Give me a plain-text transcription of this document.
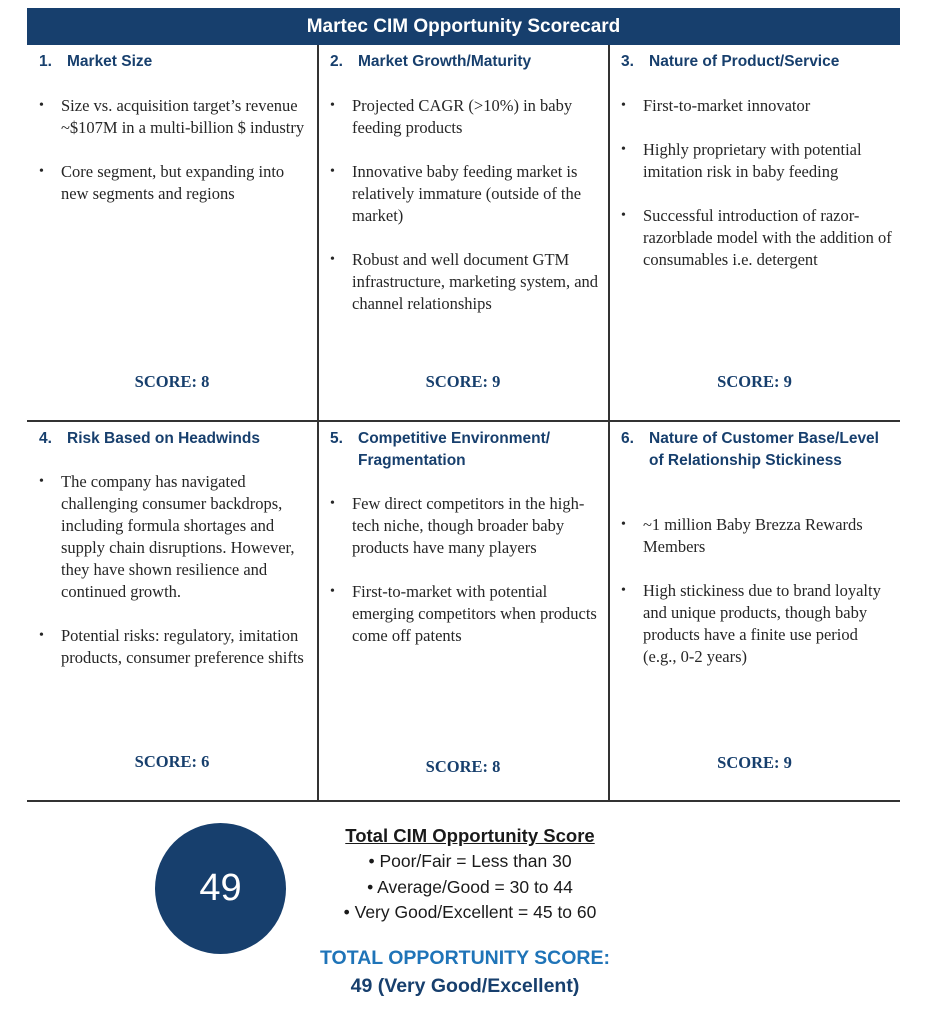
Martec CIM Opportunity Scorecard
1. Market Size
•	Size vs. acquisition target’s revenue ~$107M in a multi-billion $ industry
•	Core segment, but expanding into new segments and regions
SCORE: 8
2. Market Growth/Maturity
•	Projected CAGR (>10%) in baby feeding products
•	Innovative baby feeding market is relatively immature (outside of the market)
•	Robust and well document GTM infrastructure, marketing system, and channel relationships
SCORE: 9
3. Nature of Product/Service
•	First-to-market innovator
•	Highly proprietary with potential imitation risk in baby feeding
•	Successful introduction of razor-razorblade model with the addition of consumables i.e. detergent
SCORE: 9
4. Risk Based on Headwinds
•	The company has navigated challenging consumer backdrops, including formula shortages and supply chain disruptions. However, they have shown resilience and continued growth.
•	Potential risks: regulatory, imitation products, consumer preference shifts
SCORE: 6
5. Competitive Environment/ Fragmentation
•	Few direct competitors in the high-tech niche, though broader baby products have many players
•	First-to-market with potential emerging competitors when products come off patents
SCORE: 8
6. Nature of Customer Base/Level of Relationship Stickiness
•	~1 million Baby Brezza Rewards Members
•	High stickiness due to brand loyalty and unique products, though baby products have a finite use period (e.g., 0-2 years)
SCORE: 9
49
Total CIM Opportunity Score
• Poor/Fair = Less than 30
• Average/Good = 30 to 44
• Very Good/Excellent = 45 to 60
TOTAL OPPORTUNITY SCORE:
49 (Very Good/Excellent)
